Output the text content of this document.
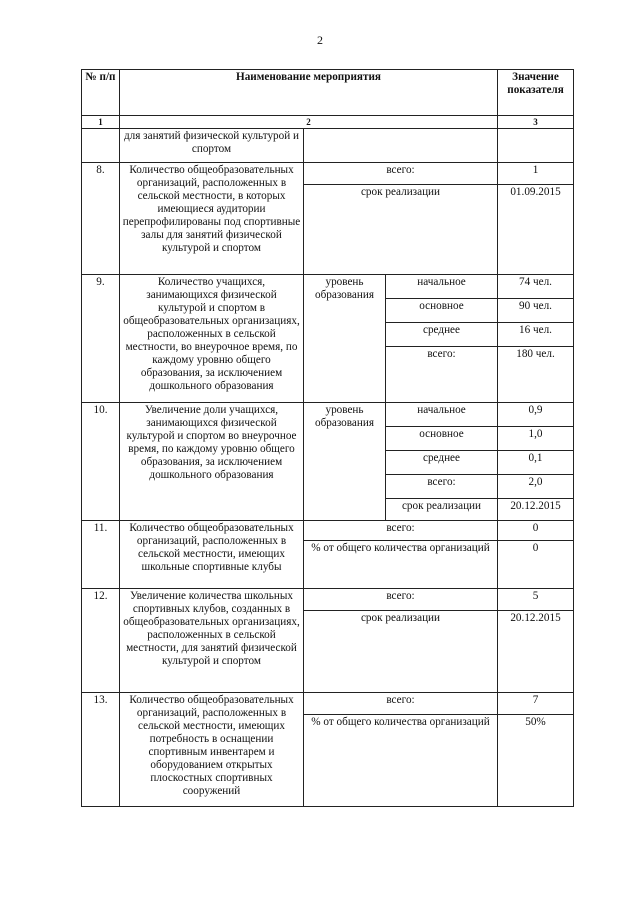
2
№ п/п	Наименование мероприятия			Значение показателя
1	2			3
	для занятий физической культурой и спортом			
8.	Количество общеобразовательных организаций, расположенных в сельской местности, в которых имеющиеся аудитории перепрофилированы под спортивные залы для занятий физической культурой и спортом	всего:		1
		срок реализации		01.09.2015
9.	Количество учащихся, занимающихся физической культурой и спортом в общеобразовательных организациях, расположенных в сельской местности, во внеурочное время, по каждому уровню общего образования, за исключением дошкольного образования	уровень образования	начальное	74 чел.
			основное	90 чел.
			среднее	16 чел.
			всего:	180 чел.
10.	Увеличение доли учащихся, занимающихся физической культурой и спортом во внеурочное время, по каждому уровню общего образования, за исключением дошкольного образования	уровень образования	начальное	0,9
			основное	1,0
			среднее	0,1
			всего:	2,0
			срок реализации	20.12.2015
11.	Количество общеобразовательных организаций, расположенных в сельской местности, имеющих школьные спортивные клубы	всего:		0
		% от общего количества организаций		0
12.	Увеличение количества школьных спортивных клубов, созданных в общеобразовательных организациях, расположенных в сельской местности, для занятий физической культурой и спортом	всего:		5
		срок реализации		20.12.2015
13.	Количество общеобразовательных организаций, расположенных в сельской местности, имеющих потребность в оснащении спортивным инвентарем и оборудованием открытых плоскостных спортивных сооружений	всего:		7
		% от общего количества организаций		50%
